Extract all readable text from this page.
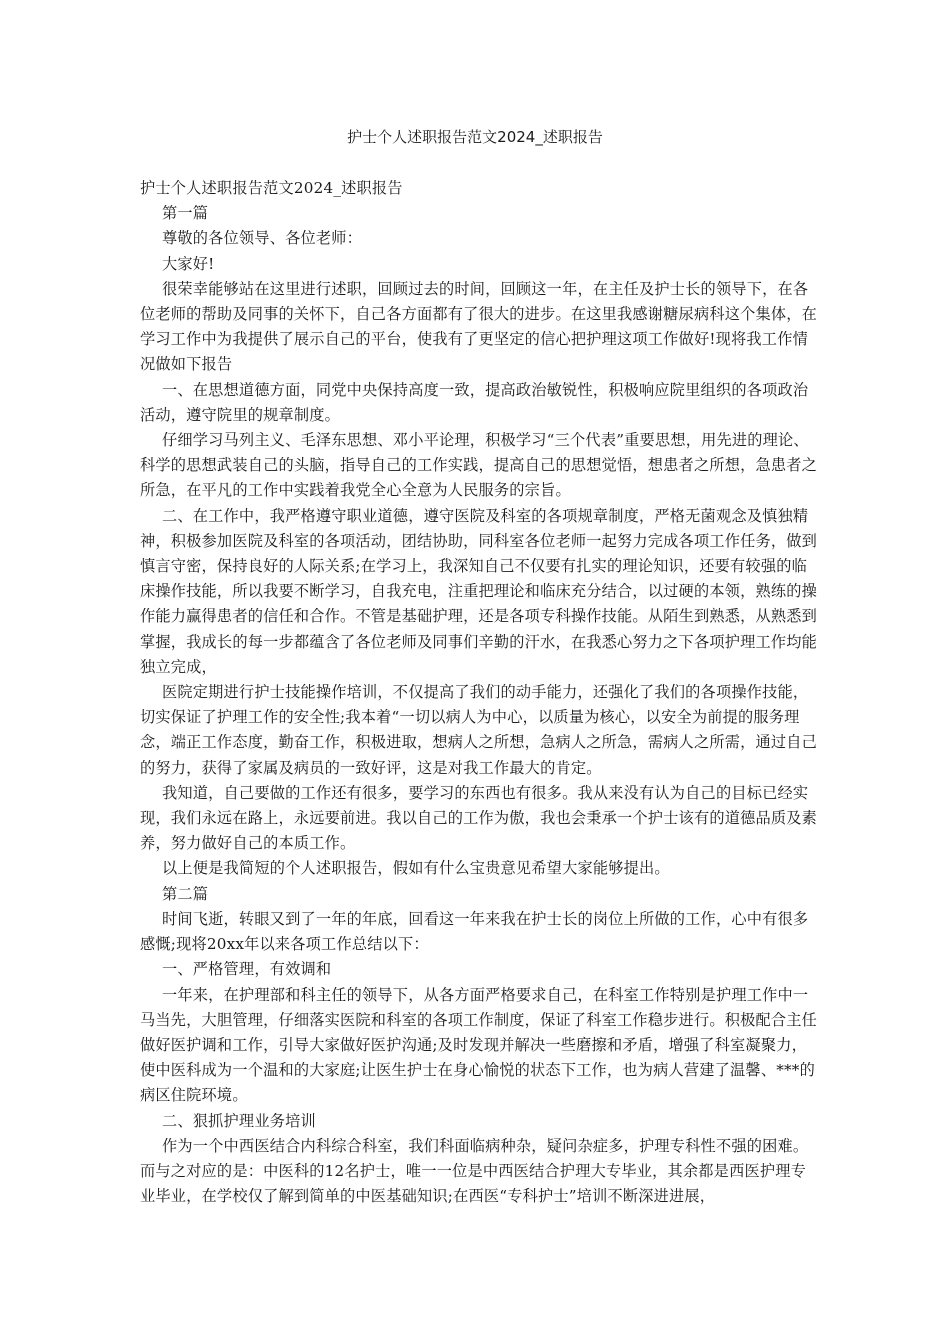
护士个人述职报告范文2024_述职报告

护士个人述职报告范文2024_述职报告

第一篇

尊敬的各位领导、各位老师：

大家好!

很荣幸能够站在这里进行述职，回顾过去的时间，回顾这一年，在主任及护士长的领导下，在各位老师的帮助及同事的关怀下，自己各方面都有了很大的进步。在这里我感谢糖尿病科这个集体，在学习工作中为我提供了展示自己的平台，使我有了更坚定的信心把护理这项工作做好!现将我工作情况做如下报告

一、在思想道德方面，同党中央保持高度一致，提高政治敏锐性，积极响应院里组织的各项政治活动，遵守院里的规章制度。

仔细学习马列主义、毛泽东思想、邓小平论理，积极学习“三个代表”重要思想，用先进的理论、科学的思想武装自己的头脑，指导自己的工作实践，提高自己的思想觉悟，想患者之所想，急患者之所急，在平凡的工作中实践着我党全心全意为人民服务的宗旨。

二、在工作中，我严格遵守职业道德，遵守医院及科室的各项规章制度，严格无菌观念及慎独精神，积极参加医院及科室的各项活动，团结协助，同科室各位老师一起努力完成各项工作任务，做到慎言守密，保持良好的人际关系;在学习上，我深知自己不仅要有扎实的理论知识，还要有较强的临床操作技能，所以我要不断学习，自我充电，注重把理论和临床充分结合，以过硬的本领，熟练的操作能力赢得患者的信任和合作。不管是基础护理，还是各项专科操作技能。从陌生到熟悉，从熟悉到掌握，我成长的每一步都蕴含了各位老师及同事们辛勤的汗水，在我悉心努力之下各项护理工作均能独立完成，

医院定期进行护士技能操作培训，不仅提高了我们的动手能力，还强化了我们的各项操作技能，切实保证了护理工作的安全性;我本着“一切以病人为中心，以质量为核心，以安全为前提的服务理念，端正工作态度，勤奋工作，积极进取，想病人之所想，急病人之所急，需病人之所需，通过自己的努力，获得了家属及病员的一致好评，这是对我工作最大的肯定。

我知道，自己要做的工作还有很多，要学习的东西也有很多。我从来没有认为自己的目标已经实现，我们永远在路上，永远要前进。我以自己的工作为傲，我也会秉承一个护士该有的道德品质及素养，努力做好自己的本质工作。

以上便是我简短的个人述职报告，假如有什么宝贵意见希望大家能够提出。

第二篇

时间飞逝，转眼又到了一年的年底，回看这一年来我在护士长的岗位上所做的工作，心中有很多感慨;现将20xx年以来各项工作总结以下：

一、严格管理，有效调和

一年来，在护理部和科主任的领导下，从各方面严格要求自己，在科室工作特别是护理工作中一马当先，大胆管理，仔细落实医院和科室的各项工作制度，保证了科室工作稳步进行。积极配合主任做好医护调和工作，引导大家做好医护沟通;及时发现并解决一些磨擦和矛盾，增强了科室凝聚力，使中医科成为一个温和的大家庭;让医生护士在身心愉悦的状态下工作，也为病人营建了温馨、***的病区住院环境。

二、狠抓护理业务培训

作为一个中西医结合内科综合科室，我们科面临病种杂，疑问杂症多，护理专科性不强的困难。而与之对应的是：中医科的12名护士，唯一一位是中西医结合护理大专毕业，其余都是西医护理专业毕业，在学校仅了解到简单的中医基础知识;在西医“专科护士”培训不断深进进展，
